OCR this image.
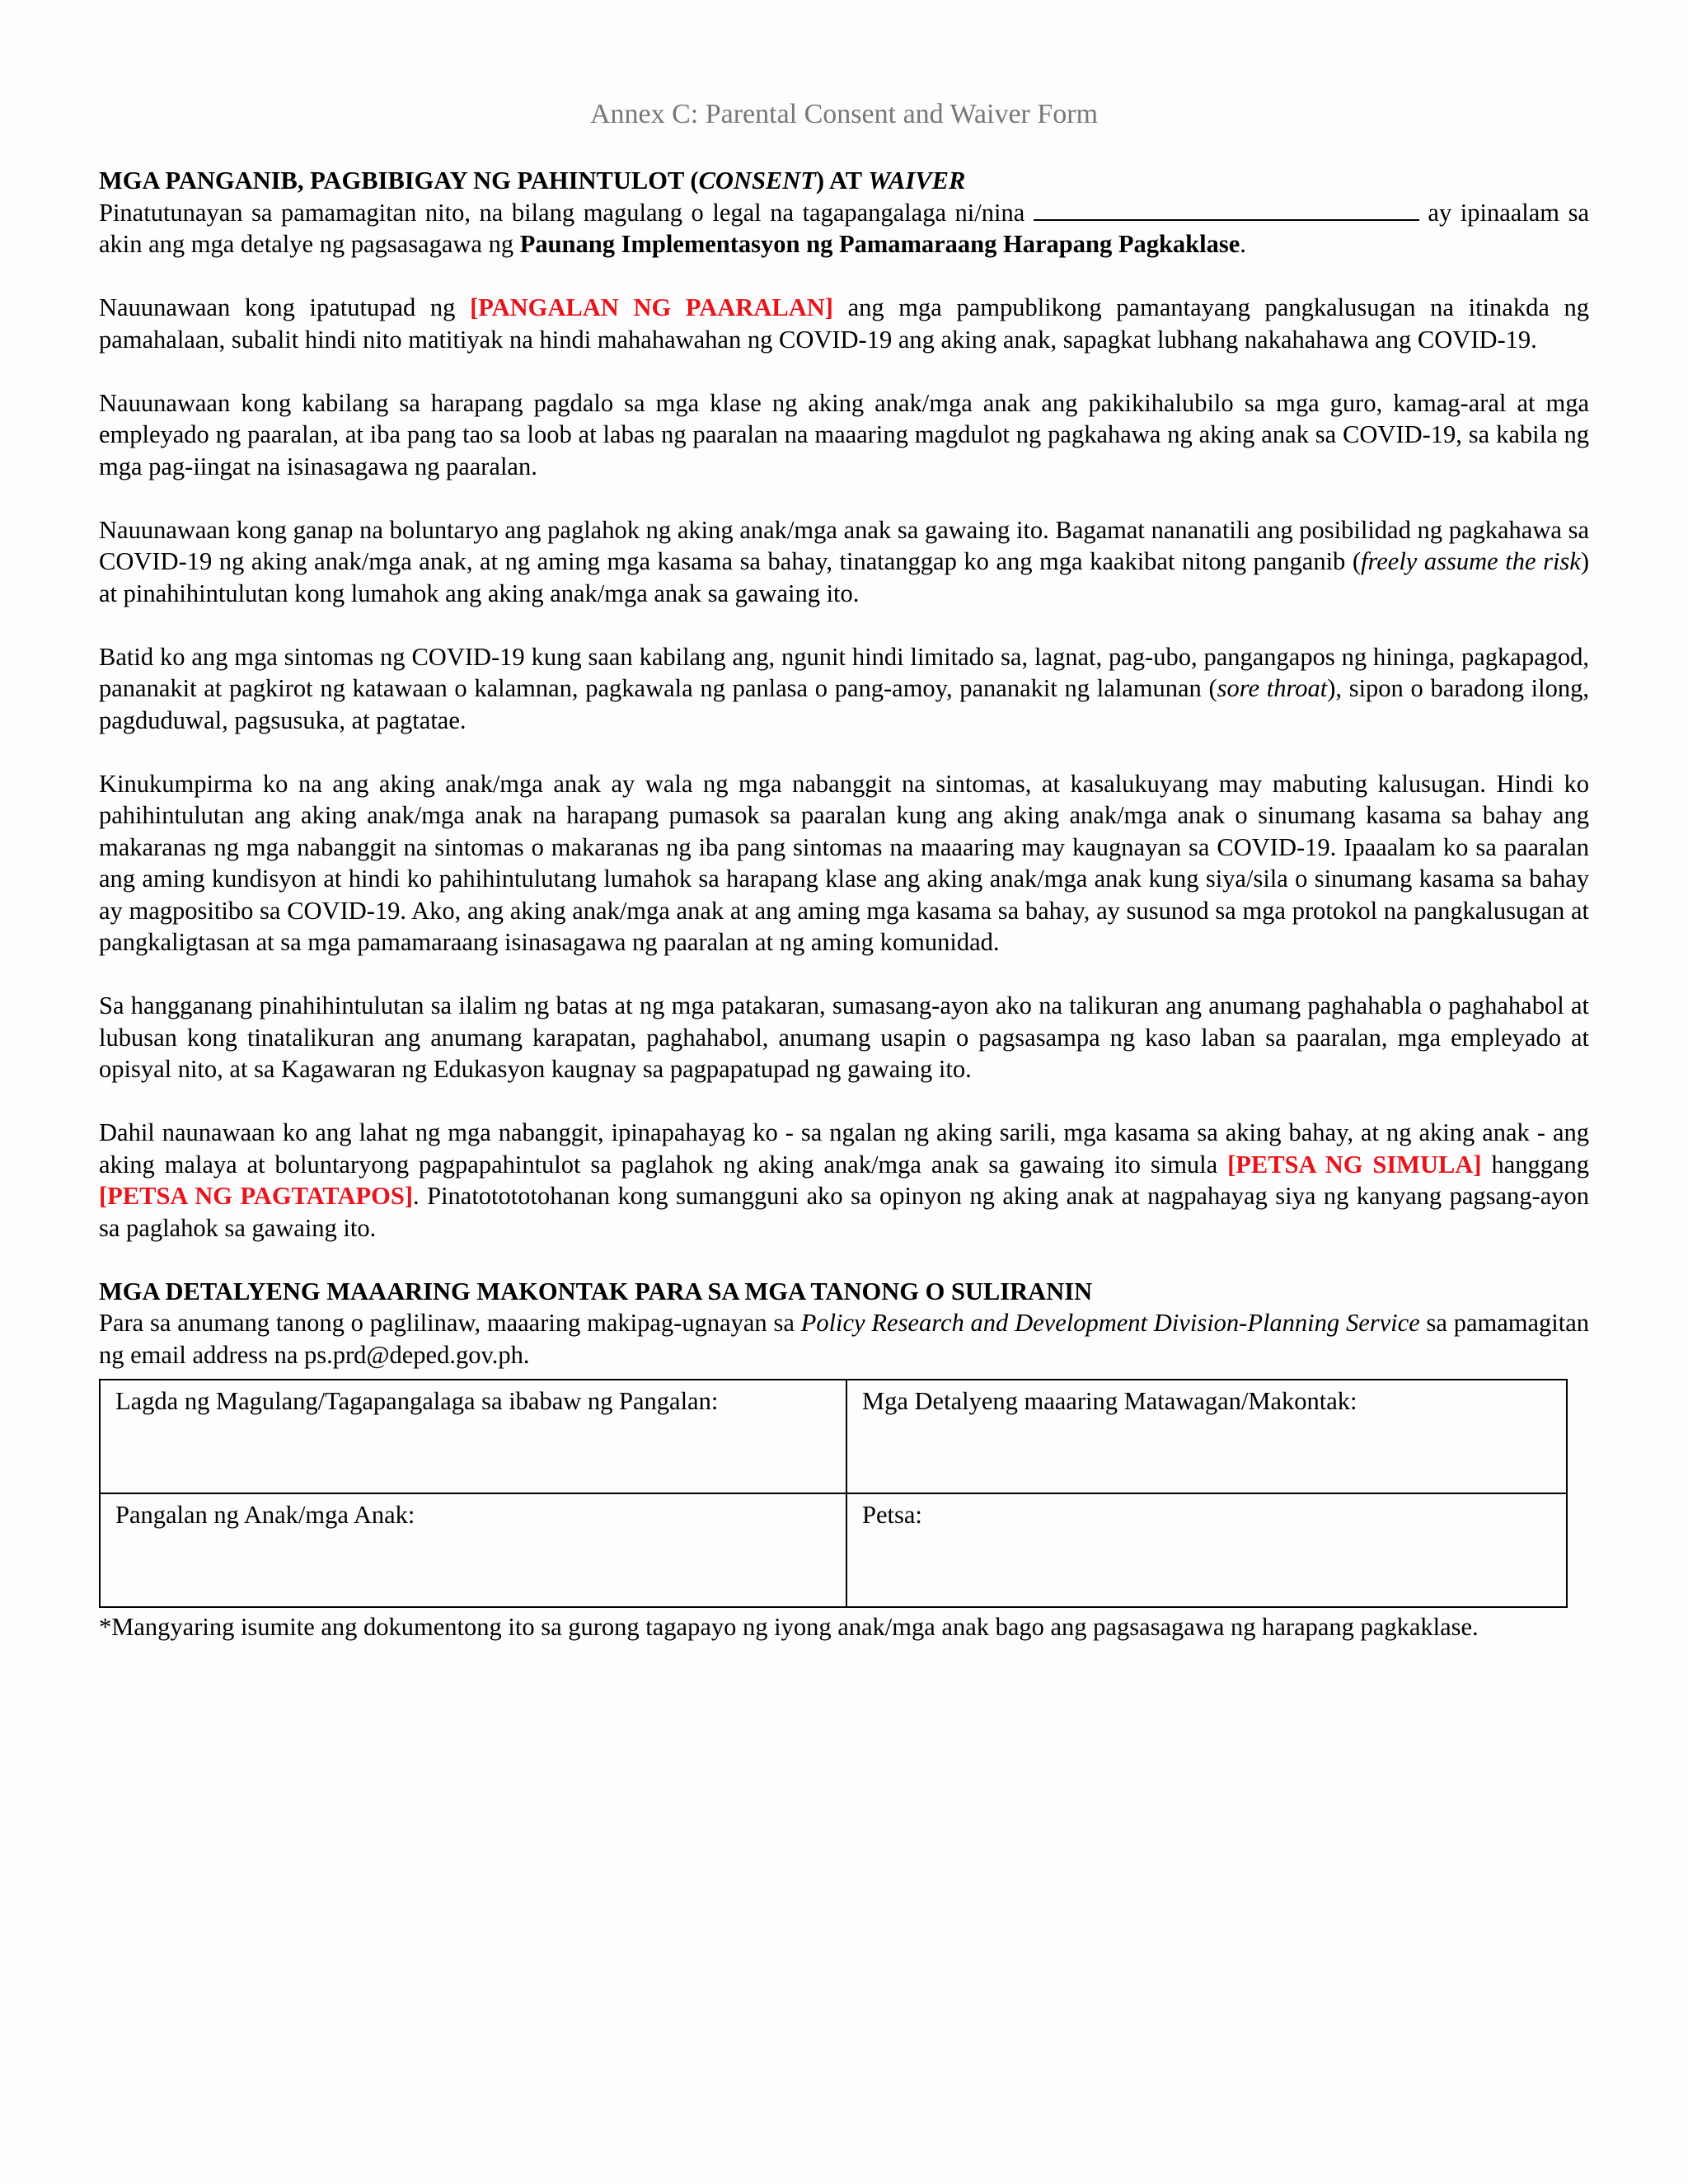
Annex C: Parental Consent and Waiver Form
MGA PANGANIB, PAGBIBIGAY NG PAHINTULOT (CONSENT) AT WAIVER

Pinatutunayan sa pamamagitan nito, na bilang magulang o legal na tagapangalaga ni/nina	ay ipinaalam sa akin ang mga detalye ng pagsasagawa ng Paunang Implementasyon ng Pamamaraang Harapang Pagkaklase.

Nauunawaan kong ipatutupad ng [PANGALAN NG PAARALAN] ang mga pampublikong pamantayang pangkalusugan na itinakda ng pamahalaan, subalit hindi nito matitiyak na hindi mahahawahan ng COVID-19 ang aking anak, sapagkat lubhang nakahahawa ang COVID-19.

Nauunawaan kong kabilang sa harapang pagdalo sa mga klase ng aking anak/mga anak ang pakikihalubilo sa mga guro, kamag-aral at mga empleyado ng paaralan, at iba pang tao sa loob at labas ng paaralan na maaaring magdulot ng pagkahawa ng aking anak sa COVID-19, sa kabila ng mga pag-iingat na isinasagawa ng paaralan.

Nauunawaan kong ganap na boluntaryo ang paglahok ng aking anak/mga anak sa gawaing ito. Bagamat nananatili ang posibilidad ng pagkahawa sa COVID-19 ng aking anak/mga anak, at ng aming mga kasama sa bahay, tinatanggap ko ang mga kaakibat nitong panganib (freely assume the risk) at pinahihintulutan kong lumahok ang aking anak/mga anak sa gawaing ito.

Batid ko ang mga sintomas ng COVID-19 kung saan kabilang ang, ngunit hindi limitado sa, lagnat, pag-ubo, pangangapos ng hininga, pagkapagod, pananakit at pagkirot ng katawaan o kalamnan, pagkawala ng panlasa o pang-amoy, pananakit ng lalamunan (sore throat), sipon o baradong ilong, pagduduwal, pagsusuka, at pagtatae.

Kinukumpirma ko na ang aking anak/mga anak ay wala ng mga nabanggit na sintomas, at kasalukuyang may mabuting kalusugan. Hindi ko pahihintulutan ang aking anak/mga anak na harapang pumasok sa paaralan kung ang aking anak/mga anak o sinumang kasama sa bahay ang makaranas ng mga nabanggit na sintomas o makaranas ng iba pang sintomas na maaaring may kaugnayan sa COVID-19. Ipaaalam ko sa paaralan ang aming kundisyon at hindi ko pahihintulutang lumahok sa harapang klase ang aking anak/mga anak kung siya/sila o sinumang kasama sa bahay ay magpositibo sa COVID-19. Ako, ang aking anak/mga anak at ang aming mga kasama sa bahay, ay susunod sa mga protokol na pangkalusugan at pangkaligtasan at sa mga pamamaraang isinasagawa ng paaralan at ng aming komunidad.

Sa hangganang pinahihintulutan sa ilalim ng batas at ng mga patakaran, sumasang-ayon ako na talikuran ang anumang paghahabla o paghahabol at lubusan kong tinatalikuran ang anumang karapatan, paghahabol, anumang usapin o pagsasampa ng kaso laban sa paaralan, mga empleyado at opisyal nito, at sa Kagawaran ng Edukasyon kaugnay sa pagpapatupad ng gawaing ito.

Dahil naunawaan ko ang lahat ng mga nabanggit, ipinapahayag ko - sa ngalan ng aking sarili, mga kasama sa aking bahay, at ng aking anak - ang aking malaya at boluntaryong pagpapahintulot sa paglahok ng aking anak/mga anak sa gawaing ito simula [PETSA NG SIMULA] hanggang [PETSA NG PAGTATAPOS]. Pinatotototohanan kong sumangguni ako sa opinyon ng aking anak at nagpahayag siya ng kanyang pagsang-ayon sa paglahok sa gawaing ito.

MGA DETALYENG MAAARING MAKONTAK PARA SA MGA TANONG O SULIRANIN

Para sa anumang tanong o paglilinaw, maaaring makipag-ugnayan sa Policy Research and Development Division-Planning Service sa pamamagitan ng email address na ps.prd@deped.gov.ph.

Lagda ng Magulang/Tagapangalaga sa ibabaw ng Pangalan:	Mga Detalyeng maaaring Matawagan/Makontak:
Pangalan ng Anak/mga Anak:	Petsa:
*Mangyaring isumite ang dokumentong ito sa gurong tagapayo ng iyong anak/mga anak bago ang pagsasagawa ng harapang pagkaklase.
